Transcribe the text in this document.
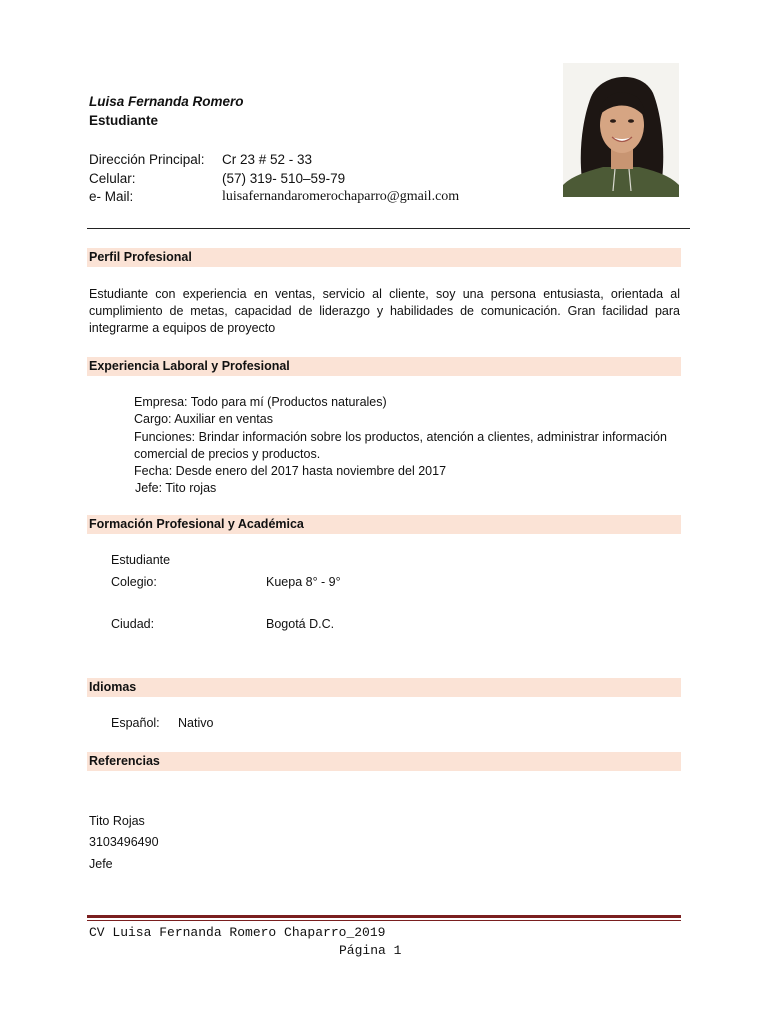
Luisa Fernanda Romero
Estudiante
Dirección Principal:	Cr 23 # 52 - 33
Celular:	(57) 319- 510–59-79
e- Mail:	luisafernandaromerochaparro@gmail.com
Perfil Profesional
Estudiante con experiencia en ventas, servicio al cliente, soy una persona entusiasta, orientada al cumplimiento de metas, capacidad de liderazgo y habilidades de comunicación. Gran facilidad para integrarme a equipos de proyecto
Experiencia Laboral y Profesional
Empresa: Todo para mí (Productos naturales)
Cargo: Auxiliar en ventas
Funciones: Brindar información sobre los productos, atención a clientes, administrar información comercial de precios y productos.
Fecha: Desde enero del 2017 hasta noviembre del 2017
Jefe: Tito rojas
Formación Profesional y Académica
Estudiante
Colegio:	Kuepa 8° - 9°
Ciudad:	Bogotá D.C.
Idiomas
Español: Nativo
Referencias
Tito Rojas
3103496490
Jefe
CV Luisa Fernanda Romero Chaparro_2019
Página 1
